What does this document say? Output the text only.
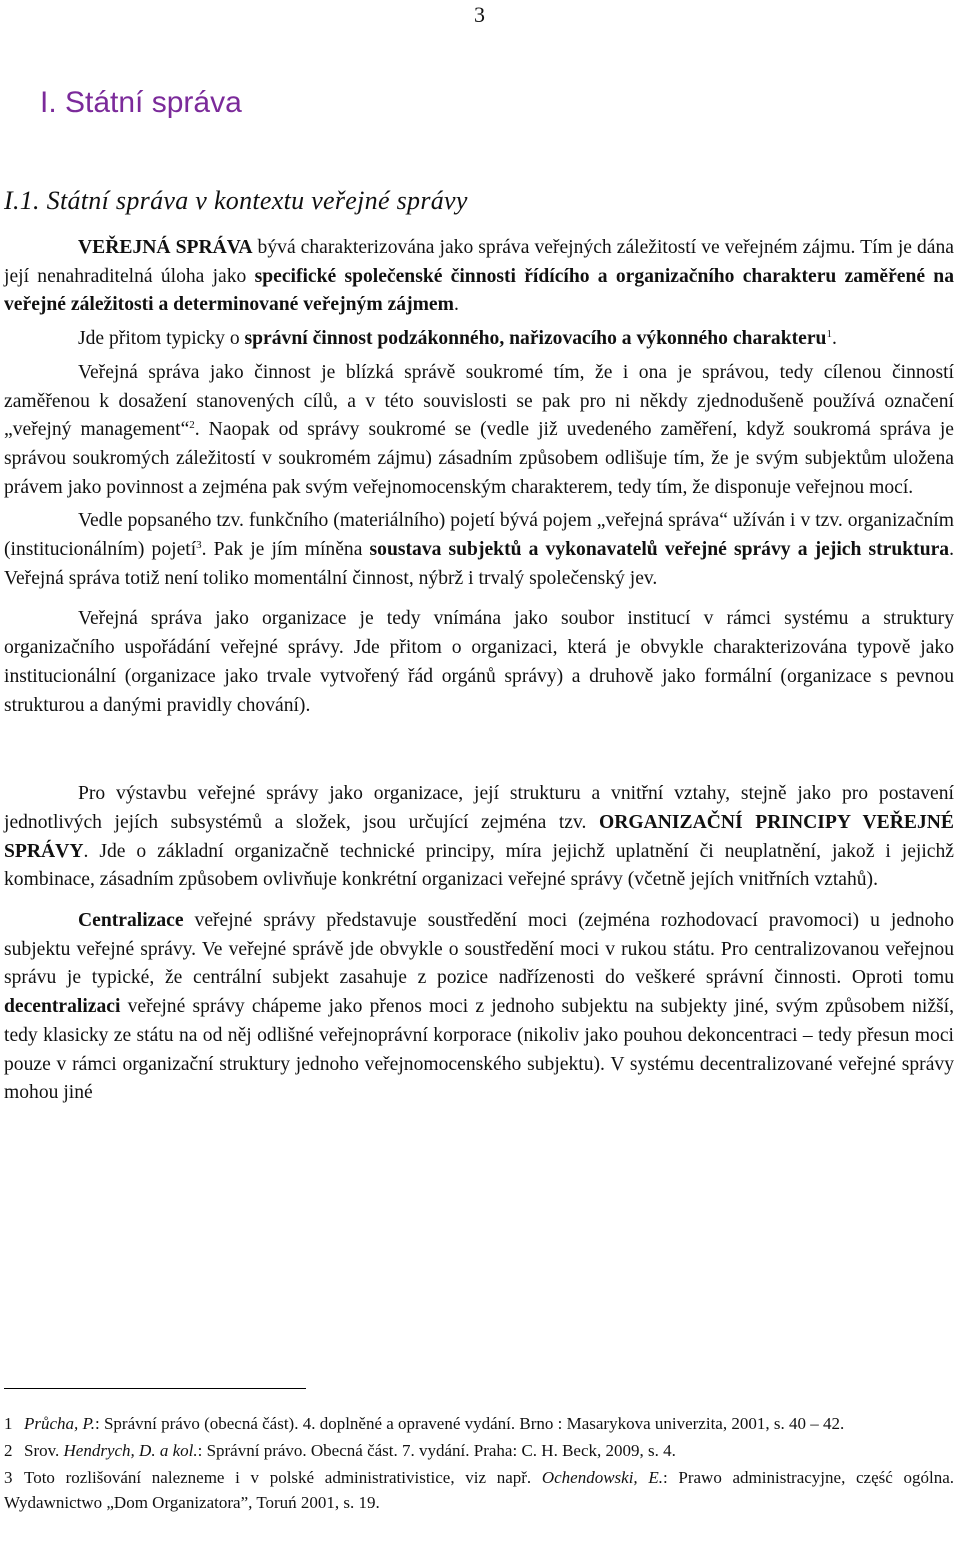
3
I. Státní správa
I.1. Státní správa v kontextu veřejné správy

VEŘEJNÁ SPRÁVA bývá charakterizována jako správa veřejných záležitostí ve veřejném zájmu. Tím je dána její nenahraditelná úloha jako specifické společenské činnosti řídícího a organizačního charakteru zaměřené na veřejné záležitosti a determinované veřejným zájmem.

Jde přitom typicky o správní činnost podzákonného, nařizovacího a výkonného charakteru$^1$.

Veřejná správa jako činnost je blízká správě soukromé tím, že i ona je správou, tedy cílenou činností zaměřenou k dosažení stanovených cílů, a v této souvislosti se pak pro ni někdy zjednodušeně používá označení „veřejný management“$^2$. Naopak od správy soukromé se (vedle již uvedeného zaměření, když soukromá správa je správou soukromých záležitostí v soukromém zájmu) zásadním způsobem odlišuje tím, že je svým subjektům uložena právem jako povinnost a zejména pak svým veřejnomocenským charakterem, tedy tím, že disponuje veřejnou mocí.

Vedle popsaného tzv. funkčního (materiálního) pojetí bývá pojem „veřejná správa“ užíván i v tzv. organizačním (institucionálním) pojetí$^3$. Pak je jím míněna soustava subjektů a vykonavatelů veřejné správy a jejich struktura. Veřejná správa totiž není toliko momentální činnost, nýbrž i trvalý společenský jev.

Veřejná správa jako organizace je tedy vnímána jako soubor institucí v rámci systému a struktury organizačního uspořádání veřejné správy. Jde přitom o organizaci, která je obvykle charakterizována typově jako institucionální (organizace jako trvale vytvořený řád orgánů správy) a druhově jako formální (organizace s pevnou strukturou a danými pravidly chování).

Pro výstavbu veřejné správy jako organizace, její strukturu a vnitřní vztahy, stejně jako pro postavení jednotlivých jejích subsystémů a složek, jsou určující zejména tzv. ORGANIZAČNÍ PRINCIPY VEŘEJNÉ SPRÁVY. Jde o základní organizačně technické principy, míra jejichž uplatnění či neuplatnění, jakož i jejichž kombinace, zásadním způsobem ovlivňuje konkrétní organizaci veřejné správy (včetně jejích vnitřních vztahů).

Centralizace veřejné správy představuje soustředění moci (zejména rozhodovací pravomoci) u jednoho subjektu veřejné správy. Ve veřejné správě jde obvykle o soustředění moci v rukou státu. Pro centralizovanou veřejnou správu je typické, že centrální subjekt zasahuje z pozice nadřízenosti do veškeré správní činnosti. Oproti tomu decentralizaci veřejné správy chápeme jako přenos moci z jednoho subjektu na subjekty jiné, svým způsobem nižší, tedy klasicky ze státu na od něj odlišné veřejnoprávní korporace (nikoliv jako pouhou dekoncentraci – tedy přesun moci pouze v rámci organizační struktury jednoho veřejnomocenského subjektu). V systému decentralizované veřejné správy mohou jiné

1 Průcha, P.: Správní právo (obecná část). 4. doplněné a opravené vydání. Brno : Masarykova univerzita, 2001, s. 40 – 42.

2 Srov. Hendrych, D. a kol.: Správní právo. Obecná část. 7. vydání. Praha: C. H. Beck, 2009, s. 4.

3 Toto rozlišování nalezneme i v polské administrativistice, viz např. Ochendowski, E.: Prawo administracyjne, część ogólna. Wydawnictwo „Dom Organizatora”, Toruń 2001, s. 19.
